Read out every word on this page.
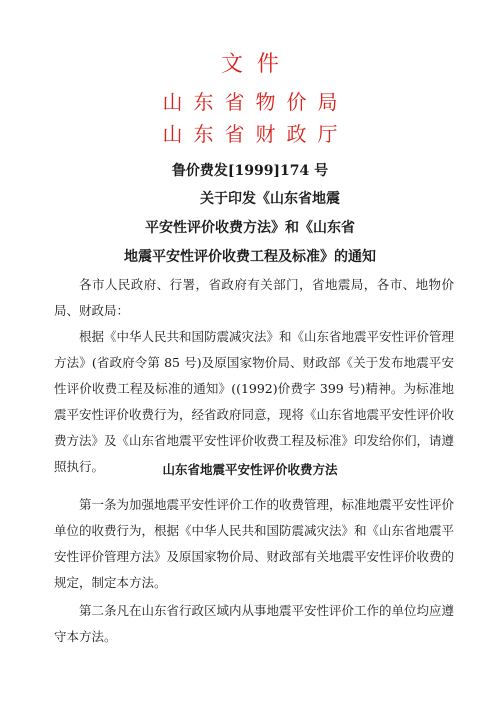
文件
山东省物价局
山东省财政厅
鲁价费发[1999]174 号
关于印发《山东省地震
平安性评价收费方法》和《山东省
地震平安性评价收费工程及标准》的通知
各市人民政府、行署，省政府有关部门，省地震局，各市、地物价局、财政局：
根据《中华人民共和国防震减灾法》和《山东省地震平安性评价管理方法》(省政府令第 85 号)及原国家物价局、财政部《关于发布地震平安性评价收费工程及标准的通知》((1992)价费字 399 号)精神。为标准地震平安性评价收费行为，经省政府同意，现将《山东省地震平安性评价收费方法》及《山东省地震平安性评价收费工程及标准》印发给你们，请遵照执行。	山东省地震平安性评价收费方法
第一条为加强地震平安性评价工作的收费管理，标准地震平安性评价单位的收费行为，根据《中华人民共和国防震减灾法》和《山东省地震平安性评价管理方法》及原国家物价局、财政部有关地震平安性评价收费的规定，制定本方法。
第二条凡在山东省行政区域内从事地震平安性评价工作的单位均应遵守本方法。
